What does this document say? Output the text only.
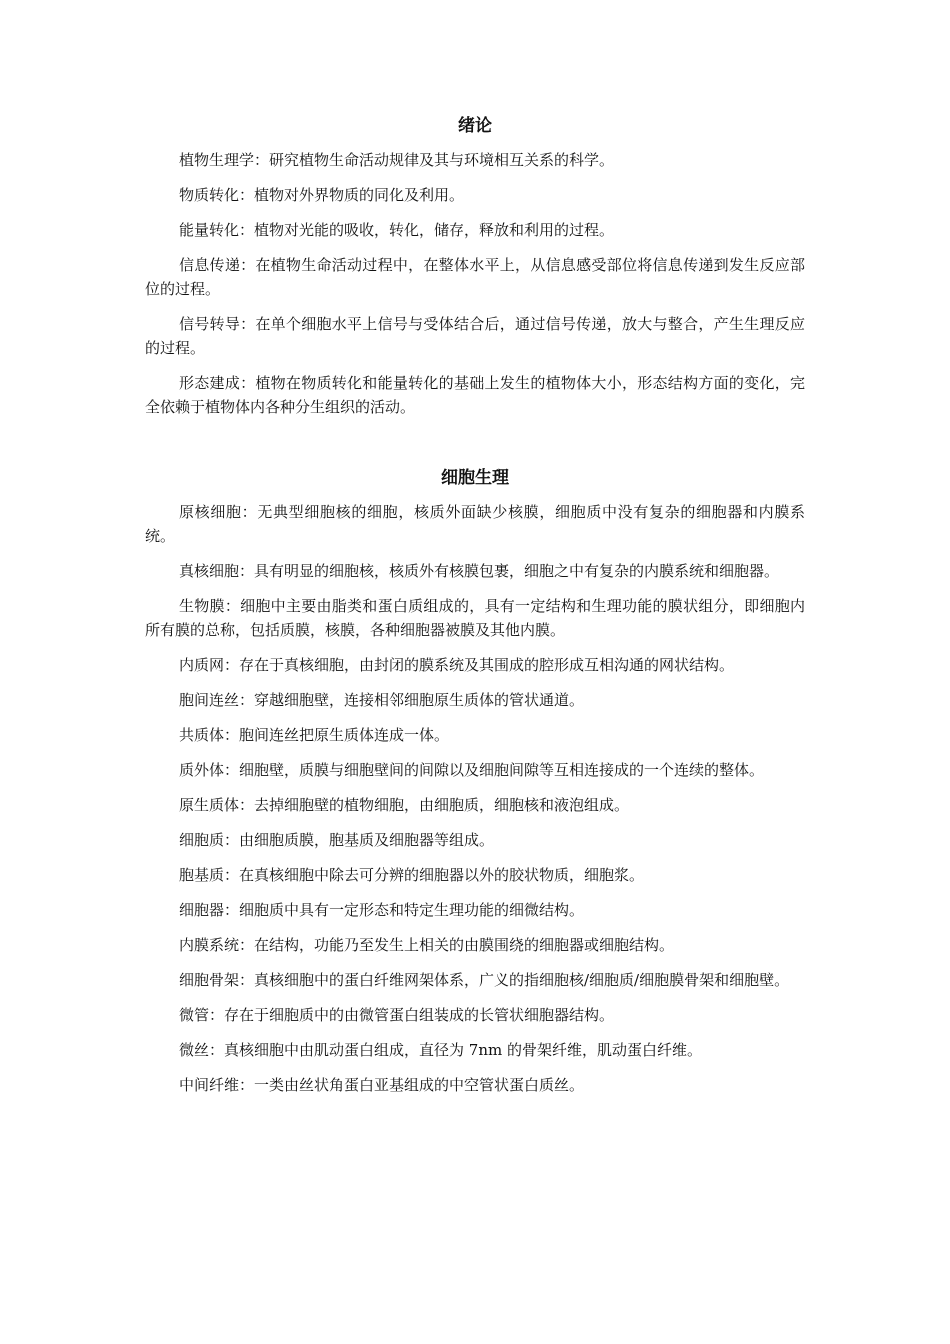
绪论

植物生理学：研究植物生命活动规律及其与环境相互关系的科学。

物质转化：植物对外界物质的同化及利用。

能量转化：植物对光能的吸收，转化，储存，释放和利用的过程。

信息传递：在植物生命活动过程中，在整体水平上，从信息感受部位将信息传递到发生反应部位的过程。

信号转导：在单个细胞水平上信号与受体结合后，通过信号传递，放大与整合，产生生理反应的过程。

形态建成：植物在物质转化和能量转化的基础上发生的植物体大小，形态结构方面的变化，完全依赖于植物体内各种分生组织的活动。

细胞生理

原核细胞：无典型细胞核的细胞，核质外面缺少核膜，细胞质中没有复杂的细胞器和内膜系统。

真核细胞：具有明显的细胞核，核质外有核膜包裹，细胞之中有复杂的内膜系统和细胞器。

生物膜：细胞中主要由脂类和蛋白质组成的，具有一定结构和生理功能的膜状组分，即细胞内所有膜的总称，包括质膜，核膜，各种细胞器被膜及其他内膜。

内质网：存在于真核细胞，由封闭的膜系统及其围成的腔形成互相沟通的网状结构。

胞间连丝：穿越细胞壁，连接相邻细胞原生质体的管状通道。

共质体：胞间连丝把原生质体连成一体。

质外体：细胞壁，质膜与细胞壁间的间隙以及细胞间隙等互相连接成的一个连续的整体。

原生质体：去掉细胞壁的植物细胞，由细胞质，细胞核和液泡组成。

细胞质：由细胞质膜，胞基质及细胞器等组成。

胞基质：在真核细胞中除去可分辨的细胞器以外的胶状物质，细胞浆。

细胞器：细胞质中具有一定形态和特定生理功能的细微结构。

内膜系统：在结构，功能乃至发生上相关的由膜围绕的细胞器或细胞结构。

细胞骨架：真核细胞中的蛋白纤维网架体系，广义的指细胞核/细胞质/细胞膜骨架和细胞壁。

微管：存在于细胞质中的由微管蛋白组装成的长管状细胞器结构。

微丝：真核细胞中由肌动蛋白组成，直径为 7nm 的骨架纤维，肌动蛋白纤维。

中间纤维：一类由丝状角蛋白亚基组成的中空管状蛋白质丝。
